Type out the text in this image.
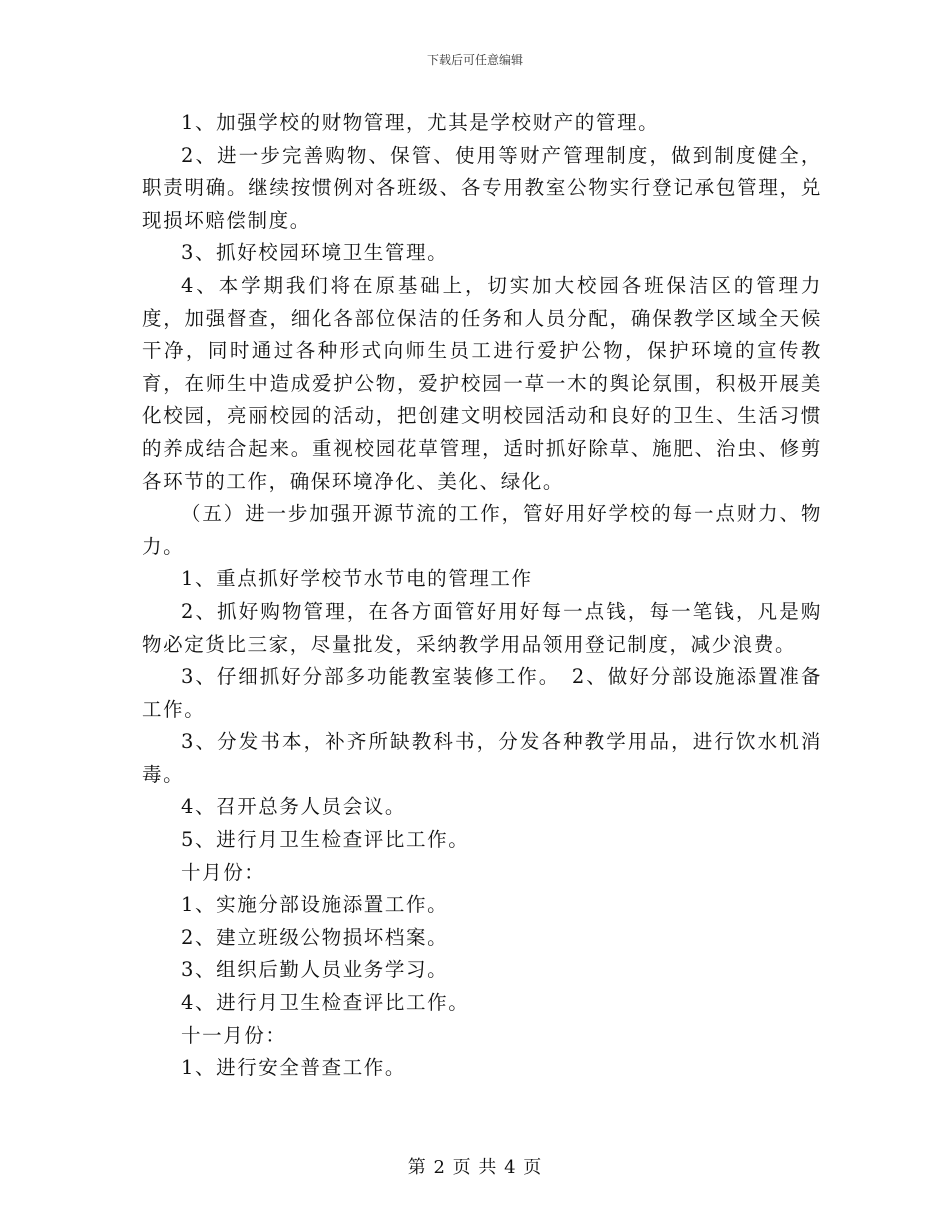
下载后可任意编辑

1、加强学校的财物管理，尤其是学校财产的管理。

2、进一步完善购物、保管、使用等财产管理制度，做到制度健全，职责明确。继续按惯例对各班级、各专用教室公物实行登记承包管理，兑现损坏赔偿制度。

3、抓好校园环境卫生管理。

4、本学期我们将在原基础上，切实加大校园各班保洁区的管理力度，加强督查，细化各部位保洁的任务和人员分配，确保教学区域全天候干净，同时通过各种形式向师生员工进行爱护公物，保护环境的宣传教育，在师生中造成爱护公物，爱护校园一草一木的舆论氛围，积极开展美化校园，亮丽校园的活动，把创建文明校园活动和良好的卫生、生活习惯的养成结合起来。重视校园花草管理，适时抓好除草、施肥、治虫、修剪各环节的工作，确保环境净化、美化、绿化。

（五）进一步加强开源节流的工作，管好用好学校的每一点财力、物力。

1、重点抓好学校节水节电的管理工作

2、抓好购物管理，在各方面管好用好每一点钱，每一笔钱，凡是购物必定货比三家，尽量批发，采纳教学用品领用登记制度，减少浪费。

3、仔细抓好分部多功能教室装修工作。　2、做好分部设施添置准备工作。

3、分发书本，补齐所缺教科书，分发各种教学用品，进行饮水机消毒。

4、召开总务人员会议。

5、进行月卫生检查评比工作。

十月份：

1、实施分部设施添置工作。

2、建立班级公物损坏档案。

3、组织后勤人员业务学习。

4、进行月卫生检查评比工作。

十一月份：

1、进行安全普查工作。

第 2 页 共 4 页
